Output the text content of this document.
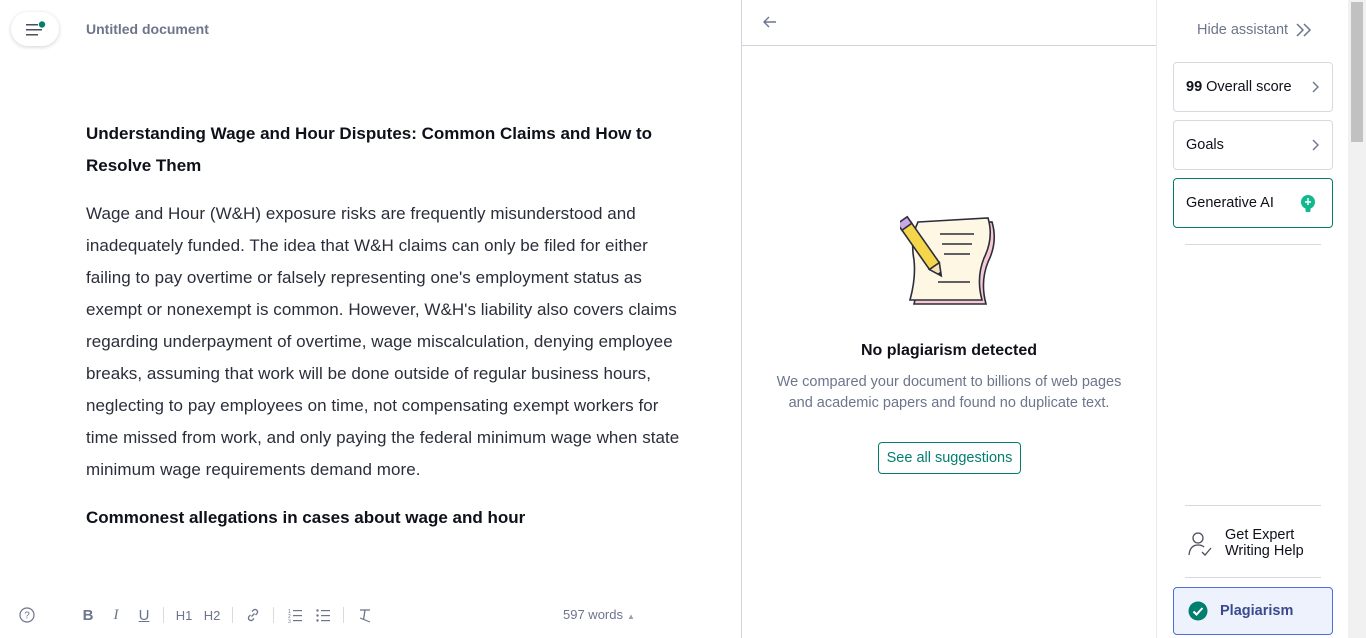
Untitled document
Understanding Wage and Hour Disputes: Common Claims and How to Resolve Them
Wage and Hour (W&H) exposure risks are frequently misunderstood and inadequately funded. The idea that W&H claims can only be filed for either failing to pay overtime or falsely representing one's employment status as exempt or nonexempt is common. However, W&H's liability also covers claims regarding underpayment of overtime, wage miscalculation, denying employee breaks, assuming that work will be done outside of regular business hours, neglecting to pay employees on time, not compensating exempt workers for time missed from work, and only paying the federal minimum wage when state minimum wage requirements demand more.
Commonest allegations in cases about wage and hour
?	B	I	U H1 H2	1
2
3	597 words ▲
No plagiarism detected
We compared your document to billions of web pages and academic papers and found no duplicate text.
See all suggestions
Hide assistant
99 Overall score
Goals
Generative AI
Get Expert
Writing Help
Plagiarism
